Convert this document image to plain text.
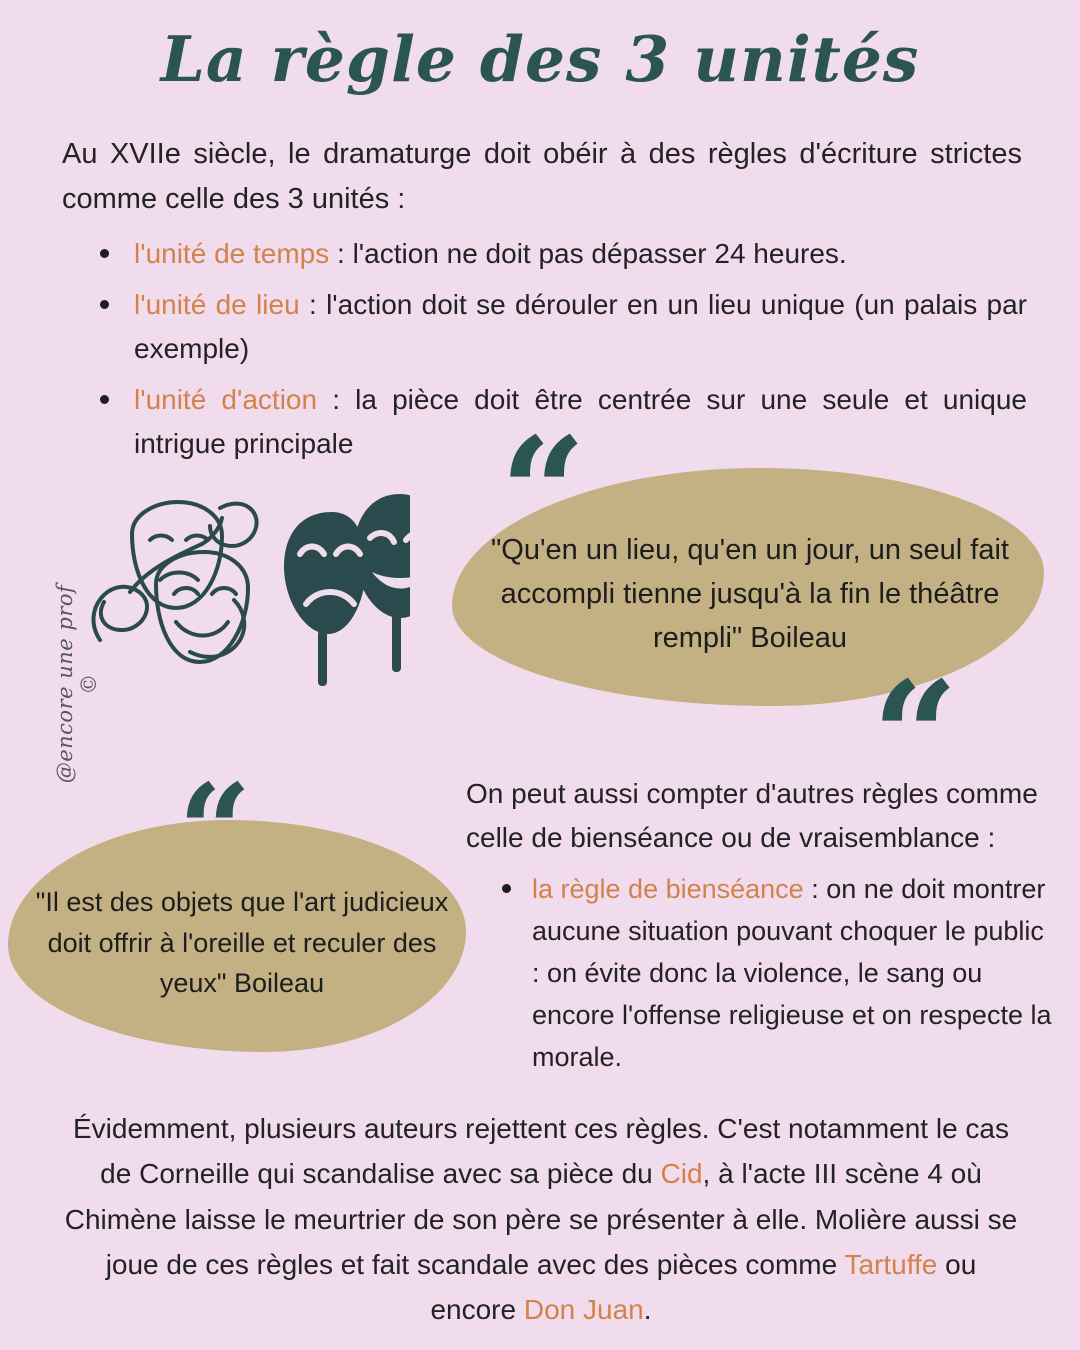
La règle des 3 unités
Au XVIIe siècle, le dramaturge doit obéir à des règles d'écriture strictes comme celle des 3 unités :
l'unité de temps : l'action ne doit pas dépasser 24 heures.
l'unité de lieu : l'action doit se dérouler en un lieu unique (un palais par exemple)
l'unité d'action : la pièce doit être centrée sur une seule et unique intrigue principale
@encore une prof ©
“
“
"Qu'en un lieu, qu'en un jour, un seul fait accompli tienne jusqu'à la fin le théâtre rempli" Boileau
“
"Il est des objets que l'art judicieux doit offrir à l'oreille et reculer des yeux" Boileau
On peut aussi compter d'autres règles comme celle de bienséance ou de vraisemblance :
la règle de bienséance : on ne doit montrer aucune situation pouvant choquer le public : on évite donc la violence, le sang ou encore l'offense religieuse et on respecte la morale.
Évidemment, plusieurs auteurs rejettent ces règles. C'est notamment le cas de Corneille qui scandalise avec sa pièce du Cid, à l'acte III scène 4 où Chimène laisse le meurtrier de son père se présenter à elle. Molière aussi se joue de ces règles et fait scandale avec des pièces comme Tartuffe ou encore Don Juan.
